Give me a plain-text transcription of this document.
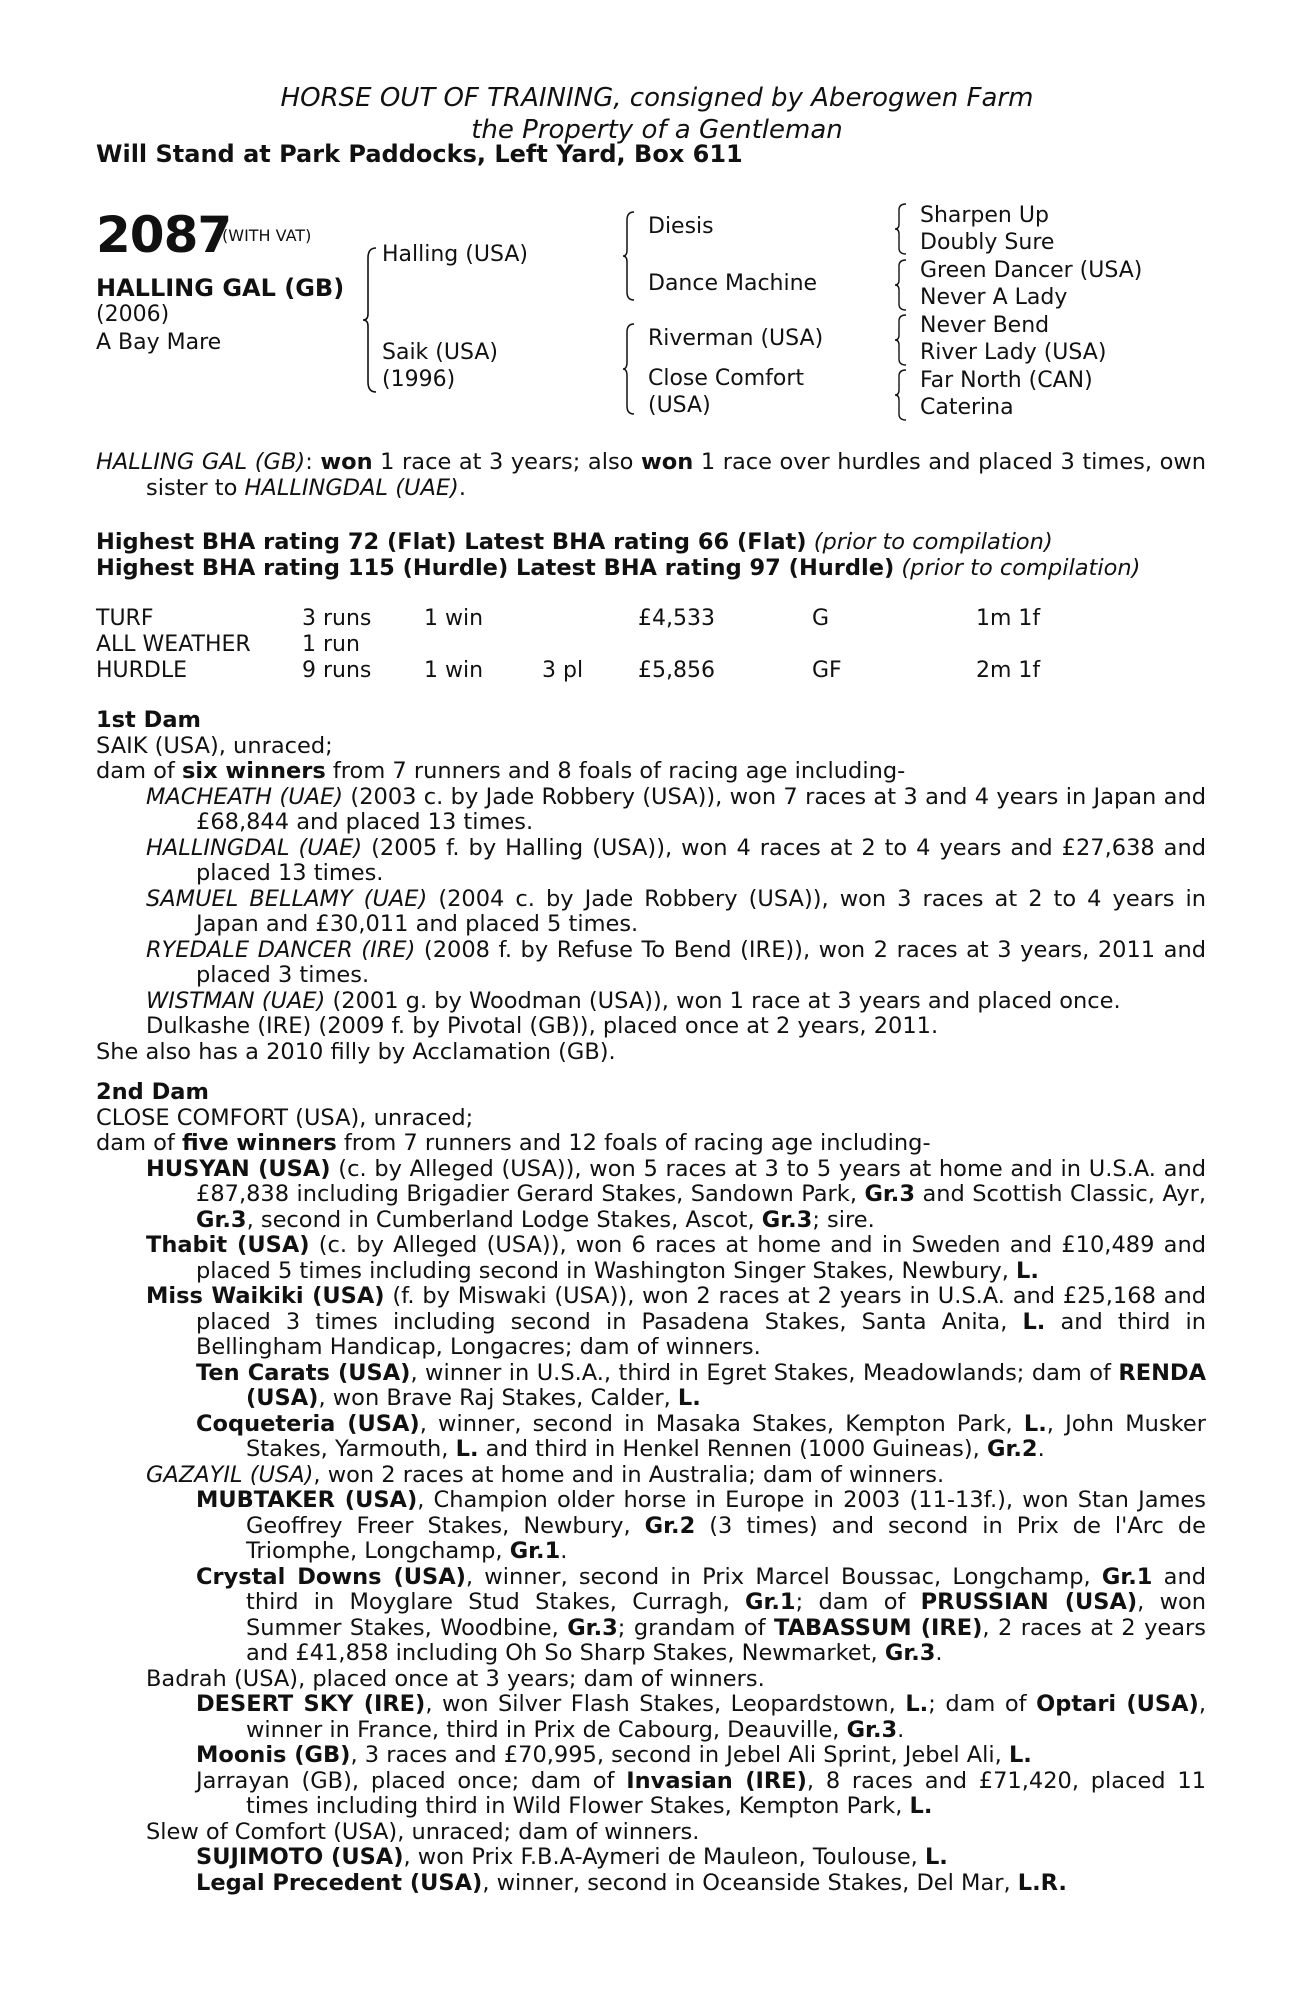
HORSE OUT OF TRAINING, consigned by Aberogwen Farm
the Property of a Gentleman
Will Stand at Park Paddocks, Left Yard, Box 611
2087
(WITH VAT)
HALLING GAL (GB)
(2006)
A Bay Mare
Halling (USA)
Saik (USA)
(1996)
Diesis
Dance Machine
Riverman (USA)
Close Comfort
(USA)
Sharpen Up
Doubly Sure
Green Dancer (USA)
Never A Lady
Never Bend
River Lady (USA)
Far North (CAN)
Caterina

HALLING GAL (GB): won 1 race at 3 years; also won 1 race over hurdles and placed 3 times, own sister to HALLINGDAL (UAE).

Highest BHA rating 72 (Flat) Latest BHA rating 66 (Flat) (prior to compilation)

Highest BHA rating 115 (Hurdle) Latest BHA rating 97 (Hurdle) (prior to compilation)

TURF	3 runs 1 win	£4,533	G	1m 1f
ALL WEATHER 1 run
HURDLE	9 runs 1 win	3 pl £5,856	GF	2m 1f

1st Dam

SAIK (USA), unraced;

dam of six winners from 7 runners and 8 foals of racing age including-

MACHEATH (UAE) (2003 c. by Jade Robbery (USA)), won 7 races at 3 and 4 years in Japan and £68,844 and placed 13 times.

HALLINGDAL (UAE) (2005 f. by Halling (USA)), won 4 races at 2 to 4 years and £27,638 and placed 13 times.

SAMUEL BELLAMY (UAE) (2004 c. by Jade Robbery (USA)), won 3 races at 2 to 4 years in Japan and £30,011 and placed 5 times.

RYEDALE DANCER (IRE) (2008 f. by Refuse To Bend (IRE)), won 2 races at 3 years, 2011 and placed 3 times.

WISTMAN (UAE) (2001 g. by Woodman (USA)), won 1 race at 3 years and placed once.

Dulkashe (IRE) (2009 f. by Pivotal (GB)), placed once at 2 years, 2011.

She also has a 2010 filly by Acclamation (GB).

2nd Dam

CLOSE COMFORT (USA), unraced;

dam of five winners from 7 runners and 12 foals of racing age including-

HUSYAN (USA) (c. by Alleged (USA)), won 5 races at 3 to 5 years at home and in U.S.A. and £87,838 including Brigadier Gerard Stakes, Sandown Park, Gr.3 and Scottish Classic, Ayr, Gr.3, second in Cumberland Lodge Stakes, Ascot, Gr.3; sire.

Thabit (USA) (c. by Alleged (USA)), won 6 races at home and in Sweden and £10,489 and placed 5 times including second in Washington Singer Stakes, Newbury, L.

Miss Waikiki (USA) (f. by Miswaki (USA)), won 2 races at 2 years in U.S.A. and £25,168 and placed 3 times including second in Pasadena Stakes, Santa Anita, L. and third in Bellingham Handicap, Longacres; dam of winners.

Ten Carats (USA), winner in U.S.A., third in Egret Stakes, Meadowlands; dam of RENDA (USA), won Brave Raj Stakes, Calder, L.

Coqueteria (USA), winner, second in Masaka Stakes, Kempton Park, L., John Musker Stakes, Yarmouth, L. and third in Henkel Rennen (1000 Guineas), Gr.2.

GAZAYIL (USA), won 2 races at home and in Australia; dam of winners.

MUBTAKER (USA), Champion older horse in Europe in 2003 (11-13f.), won Stan James Geoffrey Freer Stakes, Newbury, Gr.2 (3 times) and second in Prix de l'Arc de Triomphe, Longchamp, Gr.1.

Crystal Downs (USA), winner, second in Prix Marcel Boussac, Longchamp, Gr.1 and third in Moyglare Stud Stakes, Curragh, Gr.1; dam of PRUSSIAN (USA), won Summer Stakes, Woodbine, Gr.3; grandam of TABASSUM (IRE), 2 races at 2 years and £41,858 including Oh So Sharp Stakes, Newmarket, Gr.3.

Badrah (USA), placed once at 3 years; dam of winners.

DESERT SKY (IRE), won Silver Flash Stakes, Leopardstown, L.; dam of Optari (USA), winner in France, third in Prix de Cabourg, Deauville, Gr.3.

Moonis (GB), 3 races and £70,995, second in Jebel Ali Sprint, Jebel Ali, L.

Jarrayan (GB), placed once; dam of Invasian (IRE), 8 races and £71,420, placed 11 times including third in Wild Flower Stakes, Kempton Park, L.

Slew of Comfort (USA), unraced; dam of winners.

SUJIMOTO (USA), won Prix F.B.A-Aymeri de Mauleon, Toulouse, L.

Legal Precedent (USA), winner, second in Oceanside Stakes, Del Mar, L.R.
